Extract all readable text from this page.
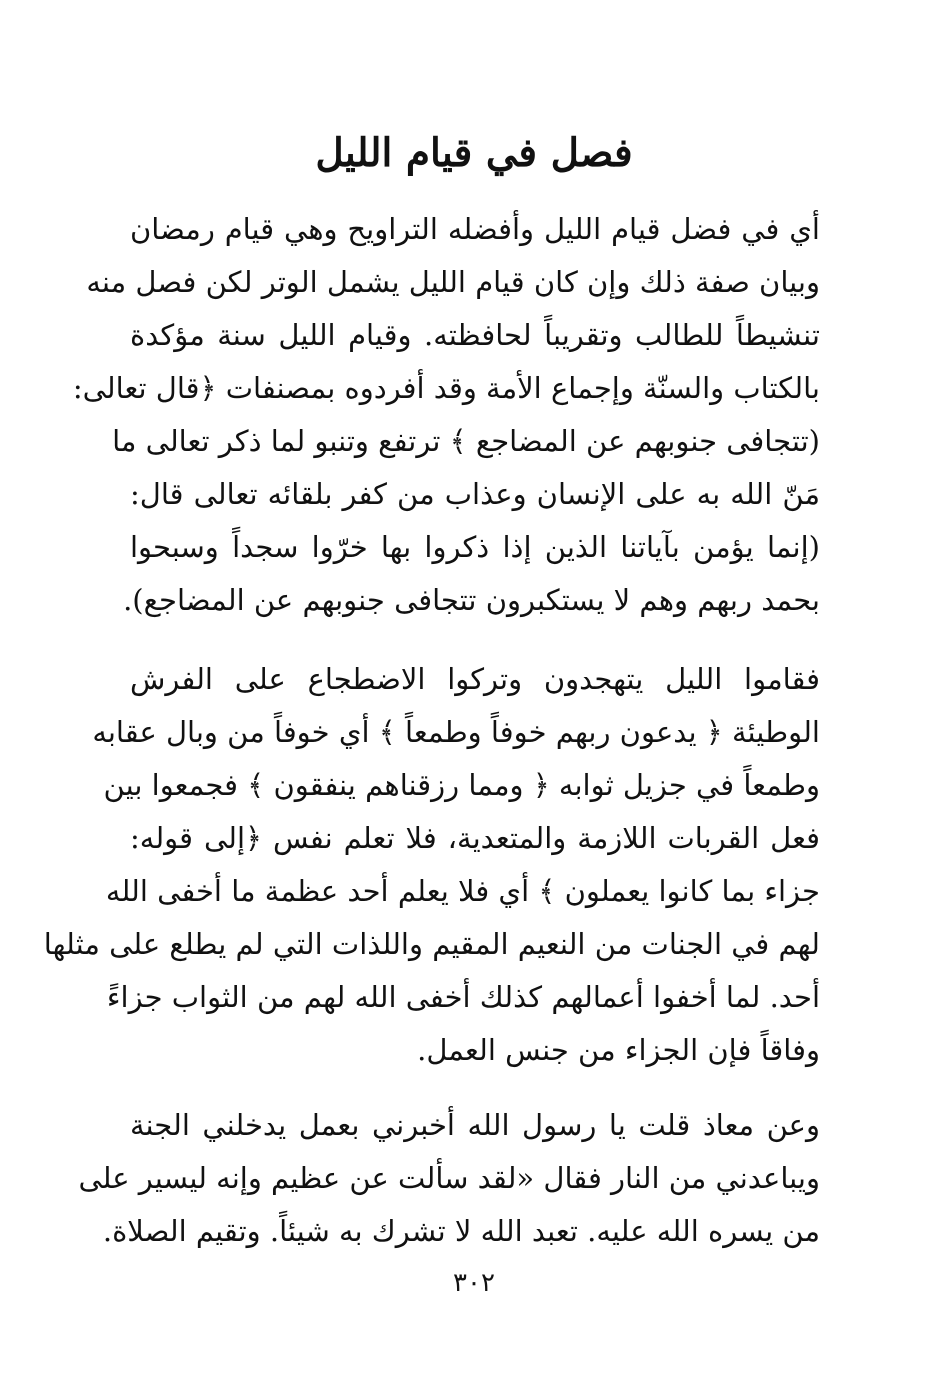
فصل في قيام الليل
أي في فضل قيام الليل وأفضله التراويح وهي قيام رمضان
وبيان صفة ذلك وإن كان قيام الليل يشمل الوتر لكن فصل منه
تنشيطاً للطالب وتقريباً لحافظته. وقيام الليل سنة مؤكدة
بالكتاب والسنّة وإجماع الأمة وقد أفردوه بمصنفات ﴿قال تعالى:
(تتجافى جنوبهم عن المضاجع ﴾ ترتفع وتنبو لما ذكر تعالى ما
مَنّ الله به على الإنسان وعذاب من كفر بلقائه تعالى قال:
(إنما يؤمن بآياتنا الذين إذا ذكروا بها خرّوا سجداً وسبحوا
بحمد ربهم وهم لا يستكبرون تتجافى جنوبهم عن المضاجع).
فقاموا الليل يتهجدون وتركوا الاضطجاع على الفرش
الوطيئة ﴿ يدعون ربهم خوفاً وطمعاً ﴾ أي خوفاً من وبال عقابه
وطمعاً في جزيل ثوابه ﴿ ومما رزقناهم ينفقون ﴾ فجمعوا بين
فعل القربات اللازمة والمتعدية، فلا تعلم نفس ﴿إلى قوله:
جزاء بما كانوا يعملون ﴾ أي فلا يعلم أحد عظمة ما أخفى الله
لهم في الجنات من النعيم المقيم واللذات التي لم يطلع على مثلها
أحد. لما أخفوا أعمالهم كذلك أخفى الله لهم من الثواب جزاءً
وفاقاً فإن الجزاء من جنس العمل.
وعن معاذ قلت يا رسول الله أخبرني بعمل يدخلني الجنة
ويباعدني من النار فقال «لقد سألت عن عظيم وإنه ليسير على
من يسره الله عليه. تعبد الله لا تشرك به شيئاً. وتقيم الصلاة.
٣٠٢
